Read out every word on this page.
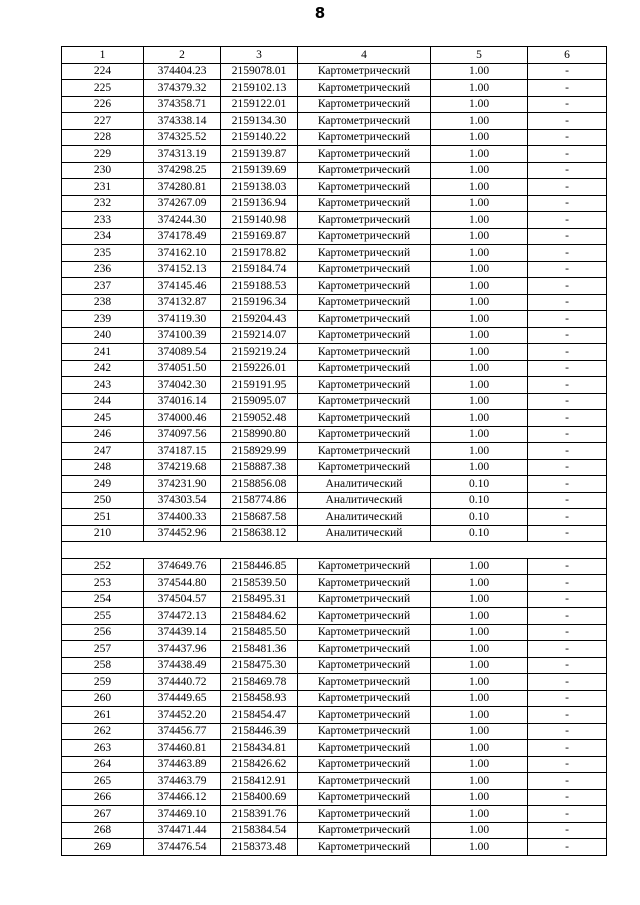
8
1	2	3	4	5	6
224	374404.23	2159078.01	Картометрический	1.00	-
225	374379.32	2159102.13	Картометрический	1.00	-
226	374358.71	2159122.01	Картометрический	1.00	-
227	374338.14	2159134.30	Картометрический	1.00	-
228	374325.52	2159140.22	Картометрический	1.00	-
229	374313.19	2159139.87	Картометрический	1.00	-
230	374298.25	2159139.69	Картометрический	1.00	-
231	374280.81	2159138.03	Картометрический	1.00	-
232	374267.09	2159136.94	Картометрический	1.00	-
233	374244.30	2159140.98	Картометрический	1.00	-
234	374178.49	2159169.87	Картометрический	1.00	-
235	374162.10	2159178.82	Картометрический	1.00	-
236	374152.13	2159184.74	Картометрический	1.00	-
237	374145.46	2159188.53	Картометрический	1.00	-
238	374132.87	2159196.34	Картометрический	1.00	-
239	374119.30	2159204.43	Картометрический	1.00	-
240	374100.39	2159214.07	Картометрический	1.00	-
241	374089.54	2159219.24	Картометрический	1.00	-
242	374051.50	2159226.01	Картометрический	1.00	-
243	374042.30	2159191.95	Картометрический	1.00	-
244	374016.14	2159095.07	Картометрический	1.00	-
245	374000.46	2159052.48	Картометрический	1.00	-
246	374097.56	2158990.80	Картометрический	1.00	-
247	374187.15	2158929.99	Картометрический	1.00	-
248	374219.68	2158887.38	Картометрический	1.00	-
249	374231.90	2158856.08	Аналитический	0.10	-
250	374303.54	2158774.86	Аналитический	0.10	-
251	374400.33	2158687.58	Аналитический	0.10	-
210	374452.96	2158638.12	Аналитический	0.10	-

252	374649.76	2158446.85	Картометрический	1.00	-
253	374544.80	2158539.50	Картометрический	1.00	-
254	374504.57	2158495.31	Картометрический	1.00	-
255	374472.13	2158484.62	Картометрический	1.00	-
256	374439.14	2158485.50	Картометрический	1.00	-
257	374437.96	2158481.36	Картометрический	1.00	-
258	374438.49	2158475.30	Картометрический	1.00	-
259	374440.72	2158469.78	Картометрический	1.00	-
260	374449.65	2158458.93	Картометрический	1.00	-
261	374452.20	2158454.47	Картометрический	1.00	-
262	374456.77	2158446.39	Картометрический	1.00	-
263	374460.81	2158434.81	Картометрический	1.00	-
264	374463.89	2158426.62	Картометрический	1.00	-
265	374463.79	2158412.91	Картометрический	1.00	-
266	374466.12	2158400.69	Картометрический	1.00	-
267	374469.10	2158391.76	Картометрический	1.00	-
268	374471.44	2158384.54	Картометрический	1.00	-
269	374476.54	2158373.48	Картометрический	1.00	-
